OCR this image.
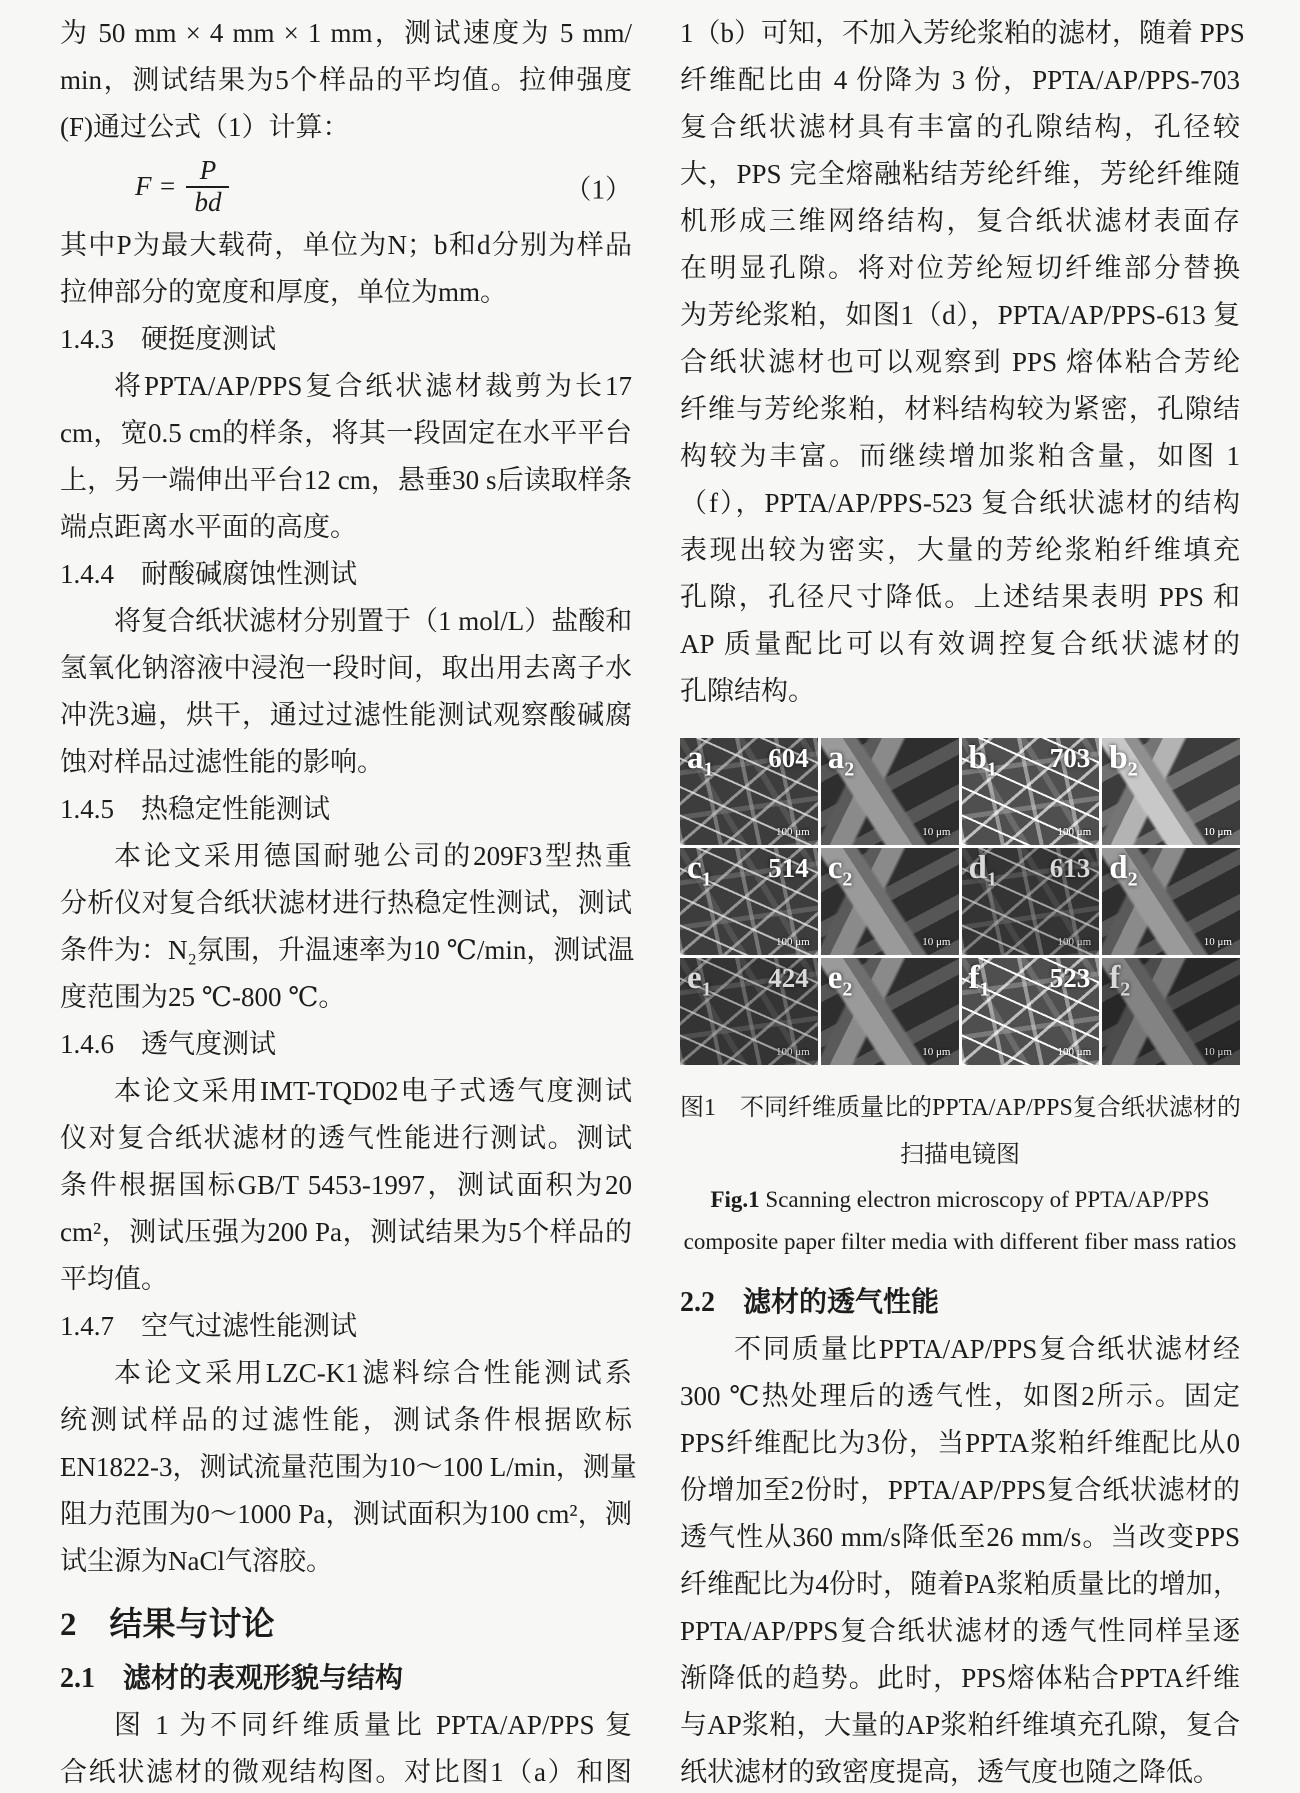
为 50 mm × 4 mm × 1 mm，测试速度为 5 mm/
min，测试结果为5个样品的平均值。拉伸强度
(F)通过公式（1）计算：
$F = \frac{P}{bd}$	（1）
其中P为最大载荷，单位为N；b和d分别为样品
拉伸部分的宽度和厚度，单位为mm。
1.4.3　硬挺度测试
将PPTA/AP/PPS复合纸状滤材裁剪为长17
cm，宽0.5 cm的样条，将其一段固定在水平平台
上，另一端伸出平台12 cm，悬垂30 s后读取样条
端点距离水平面的高度。
1.4.4　耐酸碱腐蚀性测试
将复合纸状滤材分别置于（1 mol/L）盐酸和
氢氧化钠溶液中浸泡一段时间，取出用去离子水
冲洗3遍，烘干，通过过滤性能测试观察酸碱腐
蚀对样品过滤性能的影响。
1.4.5　热稳定性能测试
本论文采用德国耐驰公司的209F3型热重
分析仪对复合纸状滤材进行热稳定性测试，测试
条件为：N₂氛围，升温速率为10 ℃/min，测试温
度范围为25 ℃-800 ℃。
1.4.6　透气度测试
本论文采用IMT-TQD02电子式透气度测试
仪对复合纸状滤材的透气性能进行测试。测试
条件根据国标GB/T 5453-1997，测试面积为20
cm²，测试压强为200 Pa，测试结果为5个样品的
平均值。
1.4.7　空气过滤性能测试
本论文采用LZC-K1滤料综合性能测试系
统测试样品的过滤性能，测试条件根据欧标
EN1822-3，测试流量范围为10～100 L/min，测量
阻力范围为0～1000 Pa，测试面积为100 cm²，测
试尘源为NaCl气溶胶。
2　结果与讨论
2.1　滤材的表观形貌与结构
图 1 为不同纤维质量比 PPTA/AP/PPS 复
合纸状滤材的微观结构图。对比图1（a）和图
1（b）可知，不加入芳纶浆粕的滤材，随着 PPS
纤维配比由 4 份降为 3 份，PPTA/AP/PPS-703
复合纸状滤材具有丰富的孔隙结构，孔径较
大，PPS 完全熔融粘结芳纶纤维，芳纶纤维随
机形成三维网络结构，复合纸状滤材表面存
在明显孔隙。将对位芳纶短切纤维部分替换
为芳纶浆粕，如图1（d），PPTA/AP/PPS-613 复
合纸状滤材也可以观察到 PPS 熔体粘合芳纶
纤维与芳纶浆粕，材料结构较为紧密，孔隙结
构较为丰富。而继续增加浆粕含量，如图 1
（f），PPTA/AP/PPS-523 复合纸状滤材的结构
表现出较为密实，大量的芳纶浆粕纤维填充
孔隙，孔径尺寸降低。上述结果表明 PPS 和
AP 质量配比可以有效调控复合纸状滤材的
孔隙结构。
$a_1$ 604
100 μm
$a_2$
10 μm
$b_1$ 703
100 μm
$b_2$
10 μm
$c_1$ 514
100 μm
$c_2$
10 μm
$d_1$ 613
100 μm
$d_2$
10 μm
$e_1$ 424
100 μm
$e_2$
10 μm
$f_1$ 523
100 μm
$f_2$
10 μm
图1　不同纤维质量比的PPTA/AP/PPS复合纸状滤材的
扫描电镜图
Fig.1 Scanning electron microscopy of PPTA/AP/PPS
composite paper filter media with different fiber mass ratios
2.2　滤材的透气性能
不同质量比PPTA/AP/PPS复合纸状滤材经
300 ℃热处理后的透气性，如图2所示。固定
PPS纤维配比为3份，当PPTA浆粕纤维配比从0
份增加至2份时，PPTA/AP/PPS复合纸状滤材的
透气性从360 mm/s降低至26 mm/s。当改变PPS
纤维配比为4份时，随着PA浆粕质量比的增加，
PPTA/AP/PPS复合纸状滤材的透气性同样呈逐
渐降低的趋势。此时，PPS熔体粘合PPTA纤维
与AP浆粕，大量的AP浆粕纤维填充孔隙，复合
纸状滤材的致密度提高，透气度也随之降低。
